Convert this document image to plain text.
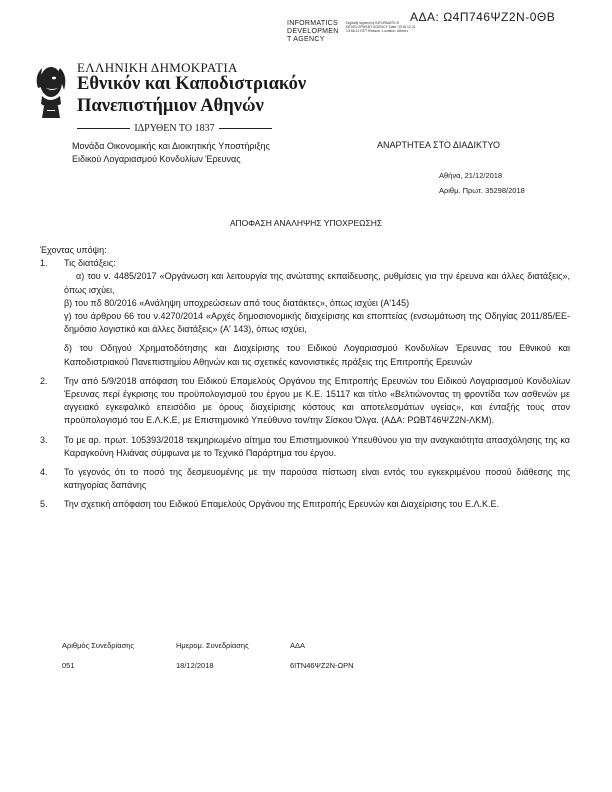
ΑΔΑ: Ω4Π746ΨΖ2Ν-0ΘΒ
INFORMATICS
DEVELOPMEN
T AGENCY
Digitally signed by INFORMATICS DEVELOPMENT AGENCY Date: 2018.12.21 13:56:11 EET Reason: Location: Athens
ΕΛΛΗΝΙΚΗ ΔΗΜΟΚΡΑΤΙΑ
Εθνικόν και Καποδιστριακόν
Πανεπιστήμιον Αθηνών
ΙΔΡΥΘΕΝ ΤΟ 1837
Μονάδα Οικονομικής και Διοικητικής Υποστήριξης
Ειδικού Λογαριασμού Κονδυλίων Έρευνας
ΑΝΑΡΤΗΤΕΑ ΣΤΟ ΔΙΑΔΙΚΤΥΟ
Αθήνα, 21/12/2018
Αριθμ. Πρωτ. 35298/2018
ΑΠΟΦΑΣΗ ΑΝΑΛΗΨΗΣ ΥΠΟΧΡΕΩΣΗΣ

Έχοντας υπόψη:

1.	Τις διατάξεις:

α) του ν. 4485/2017 «Οργάνωση και λειτουργία της ανώτατης εκπαίδευσης, ρυθμίσεις για την έρευνα και άλλες διατάξεις», όπως ισχύει,

β) του πδ 80/2016 «Ανάληψη υποχρεώσεων από τους διατάκτες», όπως ισχύει (Α'145)

γ) του άρθρου 66 του ν.4270/2014 «Αρχές δημοσιονομικής διαχείρισης και εποπτείας (ενσωμάτωση της Οδηγίας 2011/85/ΕΕ-δημόσιο λογιστικό και άλλες διατάξεις» (Α' 143), όπως ισχύει,

δ) του Οδηγού Χρηματοδότησης και Διαχείρισης του Ειδικού Λογαριασμού Κονδυλίων Έρευνας του Εθνικού και Καποδιστριακού Πανεπιστημίου Αθηνών και τις σχετικές κανονιστικές πράξεις της Επιτροπής Ερευνών

2.	Την από 5/9/2018 απόφαση του Ειδικού Επαμελούς Οργάνου της Επιτροπής Ερευνών του Ειδικού Λογαριασμού Κονδυλίων Έρευνας περί έγκρισης του προϋπολογισμού του έργου με Κ.Ε. 15117 και τίτλο «Βελτιώνοντας τη φροντίδα των ασθενών με αγγειακό εγκεφαλικό επεισόδιο με όρους διαχείρισης κόστους και αποτελεσμάτων υγείας», και ένταξής τους στον προϋπολογισμό του Ε.Λ.Κ.Ε, με Επιστημονικό Υπεύθυνο τον/την Σίσκου Όλγα. (ΑΔΑ: ΡΩΒΤ46ΨΖ2Ν-ΛΚΜ).
3.	Το με αρ. πρωτ. 105393/2018 τεκμηριωμένο αίτημα του Επιστημονικού Υπευθύνου για την αναγκαιότητα απασχόλησης της κα Καραγκούνη Ηλιάνας σύμφωνα με το Τεχνικό Παράρτημα του έργου.
4.	Το γεγονός ότι το ποσό της δεσμευομένης με την παρούσα πίστωση είναι εντός του εγκεκριμένου ποσού διάθεσης της κατηγορίας δαπάνης
5.	Την σχετική απόφαση του Ειδικού Επαμελούς Οργάνου της Επιτροπής Ερευνών και Διαχείρισης του Ε.Λ.Κ.Ε.
Αριθμός Συνεδρίασης	Ημερομ. Συνεδρίασης	ΑΔΑ
051	18/12/2018	6ΙΤΝ46ΨΖ2Ν-ΩΡΝ
